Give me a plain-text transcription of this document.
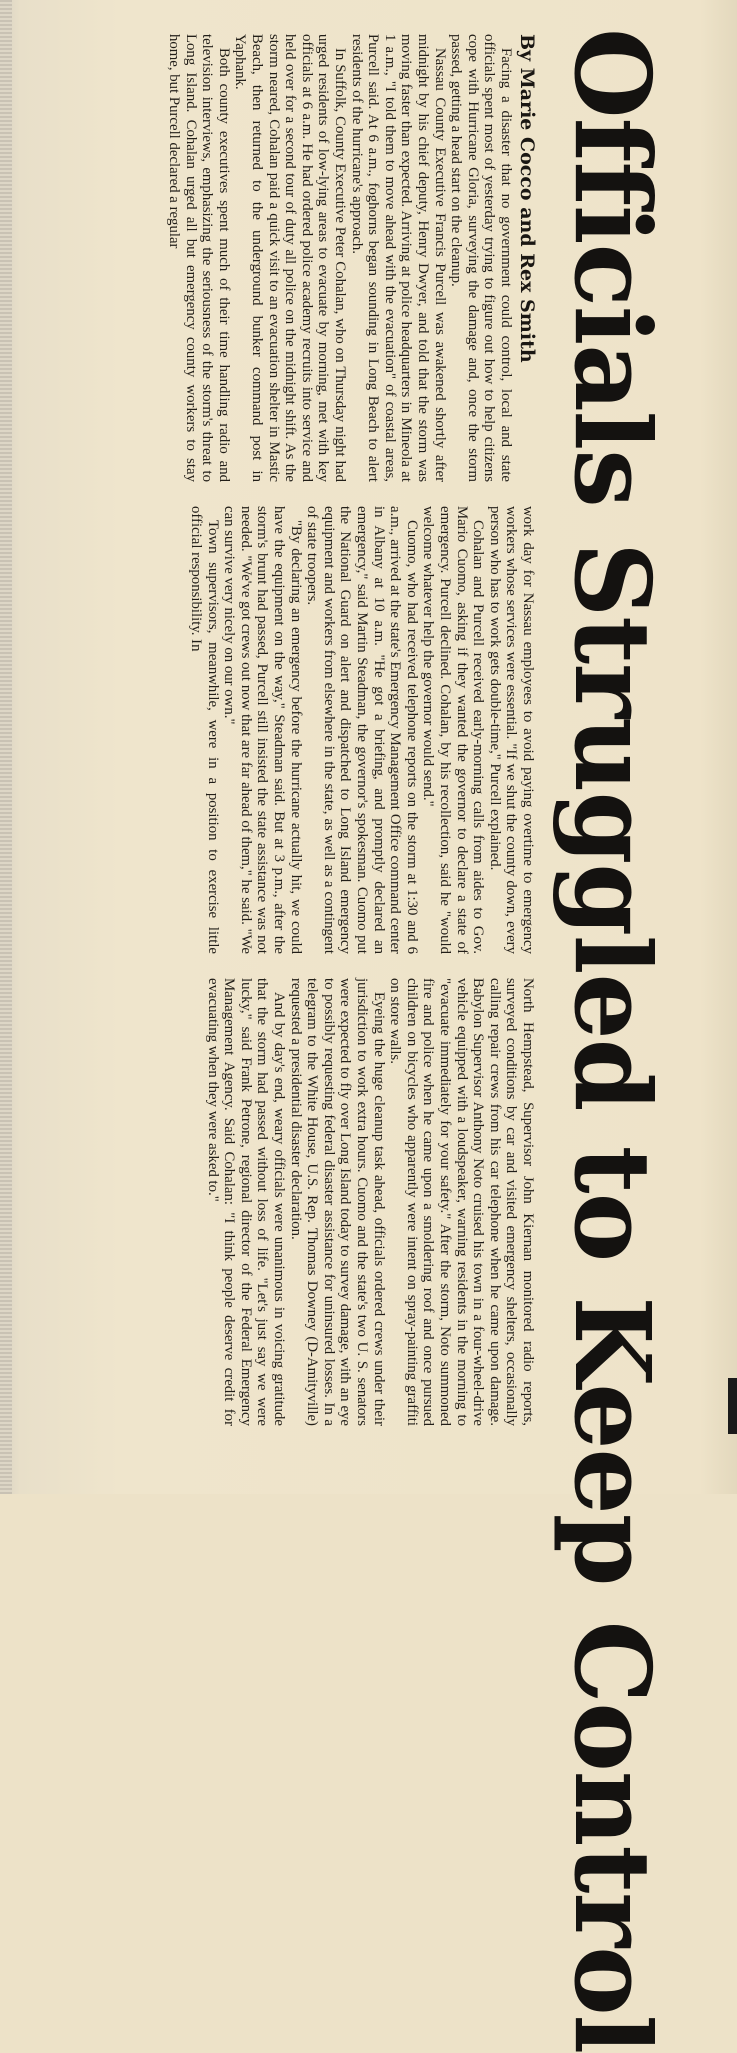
Officials Struggled to Keep Control
By Marie Cocco and Rex Smith

Facing a disaster that no government could control, local and state officials spent most of yesterday trying to figure out how to help citizens cope with Hurricane Gloria, surveying the damage and, once the storm passed, getting a head start on the cleanup.

Nassau County Executive Francis Purcell was awakened shortly after midnight by his chief deputy, Henry Dwyer, and told that the storm was moving faster than expected. Arriving at police headquarters in Mineola at 1 a.m., "I told them to move ahead with the evacuation" of coastal areas, Purcell said. At 6 a.m., foghorns began sounding in Long Beach to alert residents of the hurricane's approach.

In Suffolk, County Executive Peter Cohalan, who on Thursday night had urged residents of low-lying areas to evacuate by morning, met with key officials at 6 a.m. He had ordered police academy recruits into service and held over for a second tour of duty all police on the midnight shift. As the storm neared, Cohalan paid a quick visit to an evacuation shelter in Mastic Beach, then returned to the underground bunker command post in Yaphank.

Both county executives spent much of their time handling radio and television interviews, emphasizing the seriousness of the storm's threat to Long Island. Cohalan urged all but emergency county workers to stay home, but Purcell declared a regular

work day for Nassau employees to avoid paying overtime to emergency workers whose services were essential. "If we shut the county down, every person who has to work gets double-time," Purcell explained.

Cohalan and Purcell received early-morning calls from aides to Gov. Mario Cuomo, asking if they wanted the governor to declare a state of emergency. Purcell declined. Cohalan, by his recollection, said he "would welcome whatever help the governor would send."

Cuomo, who had received telephone reports on the storm at 1:30 and 6 a.m., arrived at the state's Emergency Management Office command center in Albany at 10 a.m. "He got a briefing, and promptly declared an emergency," said Martin Steadman, the governor's spokesman. Cuomo put the National Guard on alert and dispatched to Long Island emergency equipment and workers from elsewhere in the state, as well as a contingent of state troopers.

"By declaring an emergency before the hurricane actually hit, we could have the equipment on the way," Steadman said. But at 3 p.m., after the storm's brunt had passed, Purcell still insisted the state assistance was not needed. "We've got crews out now that are far ahead of them," he said. "We can survive very nicely on our own."

Town supervisors, meanwhile, were in a position to exercise little official responsibility. In

North Hempstead, Supervisor John Kiernan monitored radio reports, surveyed conditions by car and visited emergency shelters, occasionally calling repair crews from his car telephone when he came upon damage. Babylon Supervisor Anthony Noto cruised his town in a four-wheel-drive vehicle equipped with a loudspeaker, warning residents in the morning to "evacuate immediately for your safety." After the storm, Noto summoned fire and police when he came upon a smoldering roof and once pursued children on bicycles who apparently were intent on spray-painting graffiti on store walls.

Eyeing the huge cleanup task ahead, officials ordered crews under their jurisdiction to work extra hours. Cuomo and the state's two U. S. senators were expected to fly over Long Island today to survey damage, with an eye to possibly requesting federal disaster assistance for uninsured losses. In a telegram to the White House, U.S. Rep. Thomas Downey (D-Amityville) requested a presidential disaster declaration.

And by day's end, weary officials were unanimous in voicing gratitude that the storm had passed without loss of life. "Let's just say we were lucky," said Frank Petrone, regional director of the Federal Emergency Management Agency. Said Cohalan: "I think people deserve credit for evacuating when they were asked to."
